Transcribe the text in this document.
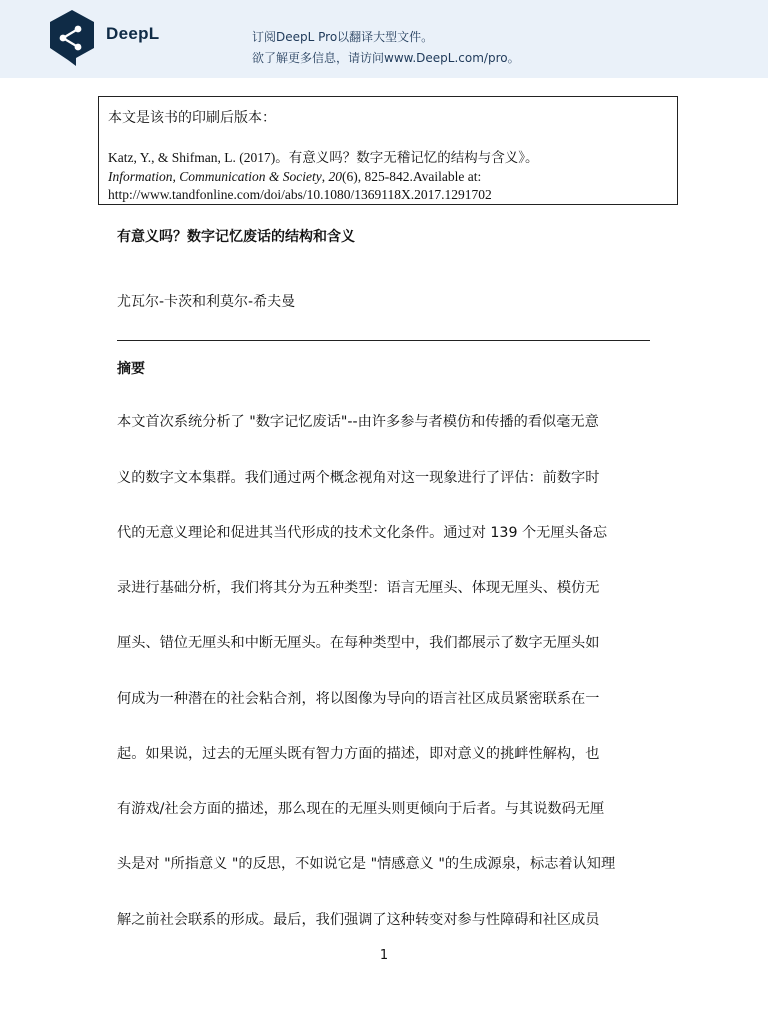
DeepL	订阅DeepL Pro以翻译大型文件。
欲了解更多信息，请访问www.DeepL.com/pro。
本文是该书的印刷后版本：
Katz, Y., & Shifman, L. (2017)。有意义吗？数字无稽记忆的结构与含义》。
Information, Communication & Society, 20(6), 825-842.Available at:
http://www.tandfonline.com/doi/abs/10.1080/1369118X.2017.1291702
有意义吗？数字记忆废话的结构和含义
尤瓦尔-卡茨和利莫尔-希夫曼
摘要
本文首次系统分析了 "数字记忆废话"--由许多参与者模仿和传播的看似毫无意
义的数字文本集群。我们通过两个概念视角对这一现象进行了评估：前数字时
代的无意义理论和促进其当代形成的技术文化条件。通过对 139 个无厘头备忘
录进行基础分析，我们将其分为五种类型：语言无厘头、体现无厘头、模仿无
厘头、错位无厘头和中断无厘头。在每种类型中，我们都展示了数字无厘头如
何成为一种潜在的社会粘合剂，将以图像为导向的语言社区成员紧密联系在一
起。如果说，过去的无厘头既有智力方面的描述，即对意义的挑衅性解构，也
有游戏/社会方面的描述，那么现在的无厘头则更倾向于后者。与其说数码无厘
头是对 "所指意义 "的反思，不如说它是 "情感意义 "的生成源泉，标志着认知理
解之前社会联系的形成。最后，我们强调了这种转变对参与性障碍和社区成员
1
